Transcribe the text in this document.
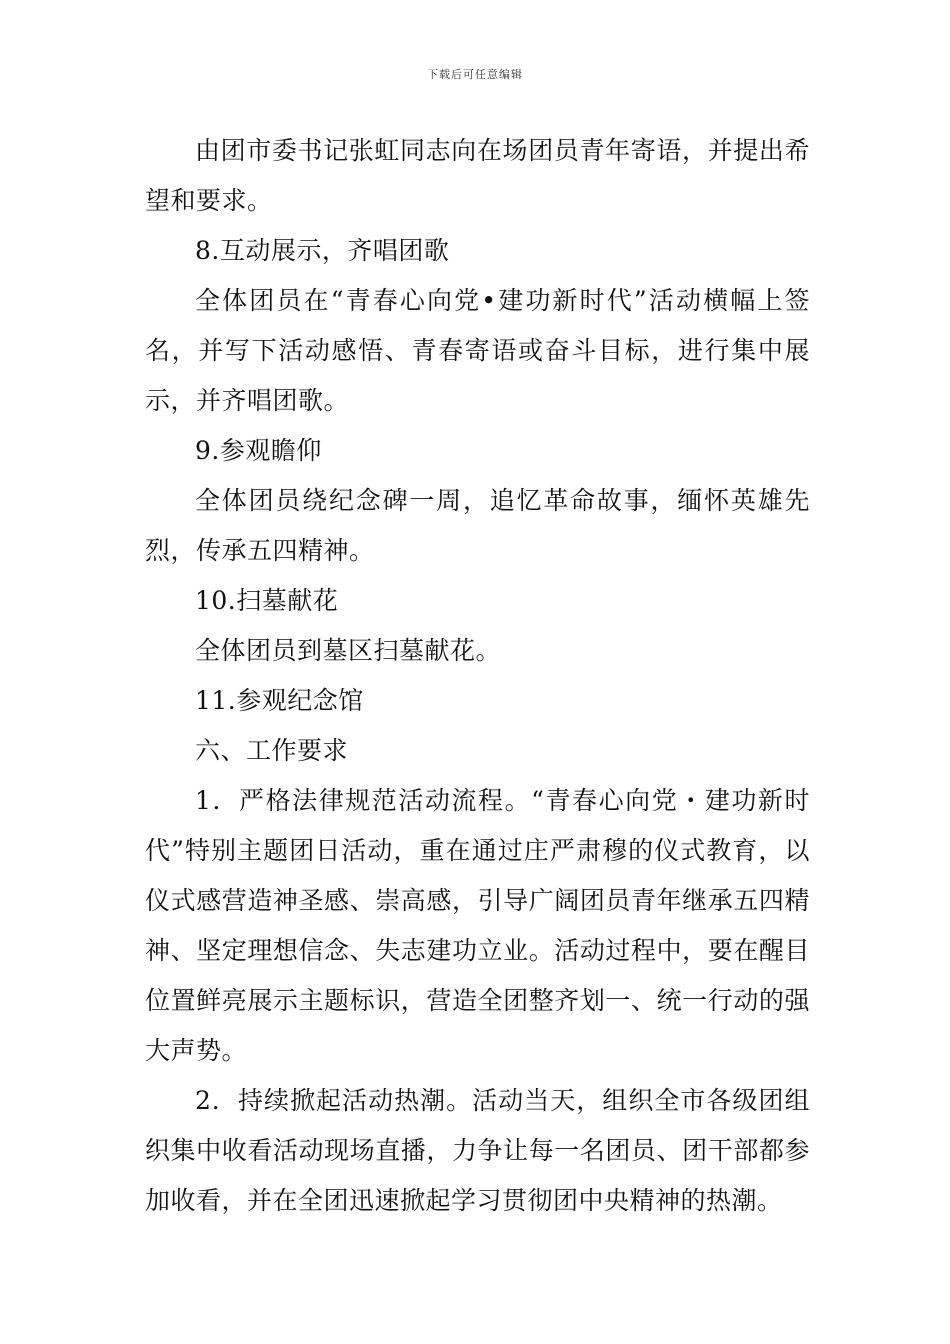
下载后可任意编辑

由团市委书记张虹同志向在场团员青年寄语，并提出希望和要求。

8.互动展示，齐唱团歌

全体团员在“青春心向党•建功新时代”活动横幅上签名，并写下活动感悟、青春寄语或奋斗目标，进行集中展示，并齐唱团歌。

9.参观瞻仰

全体团员绕纪念碑一周，追忆革命故事，缅怀英雄先烈，传承五四精神。

10.扫墓献花

全体团员到墓区扫墓献花。

11.参观纪念馆

六、工作要求

1．严格法律规范活动流程。“青春心向党・建功新时代”特别主题团日活动，重在通过庄严肃穆的仪式教育，以仪式感营造神圣感、崇高感，引导广阔团员青年继承五四精神、坚定理想信念、失志建功立业。活动过程中，要在醒目位置鲜亮展示主题标识，营造全团整齐划一、统一行动的强大声势。

2．持续掀起活动热潮。活动当天，组织全市各级团组织集中收看活动现场直播，力争让每一名团员、团干部都参加收看，并在全团迅速掀起学习贯彻团中央精神的热潮。
